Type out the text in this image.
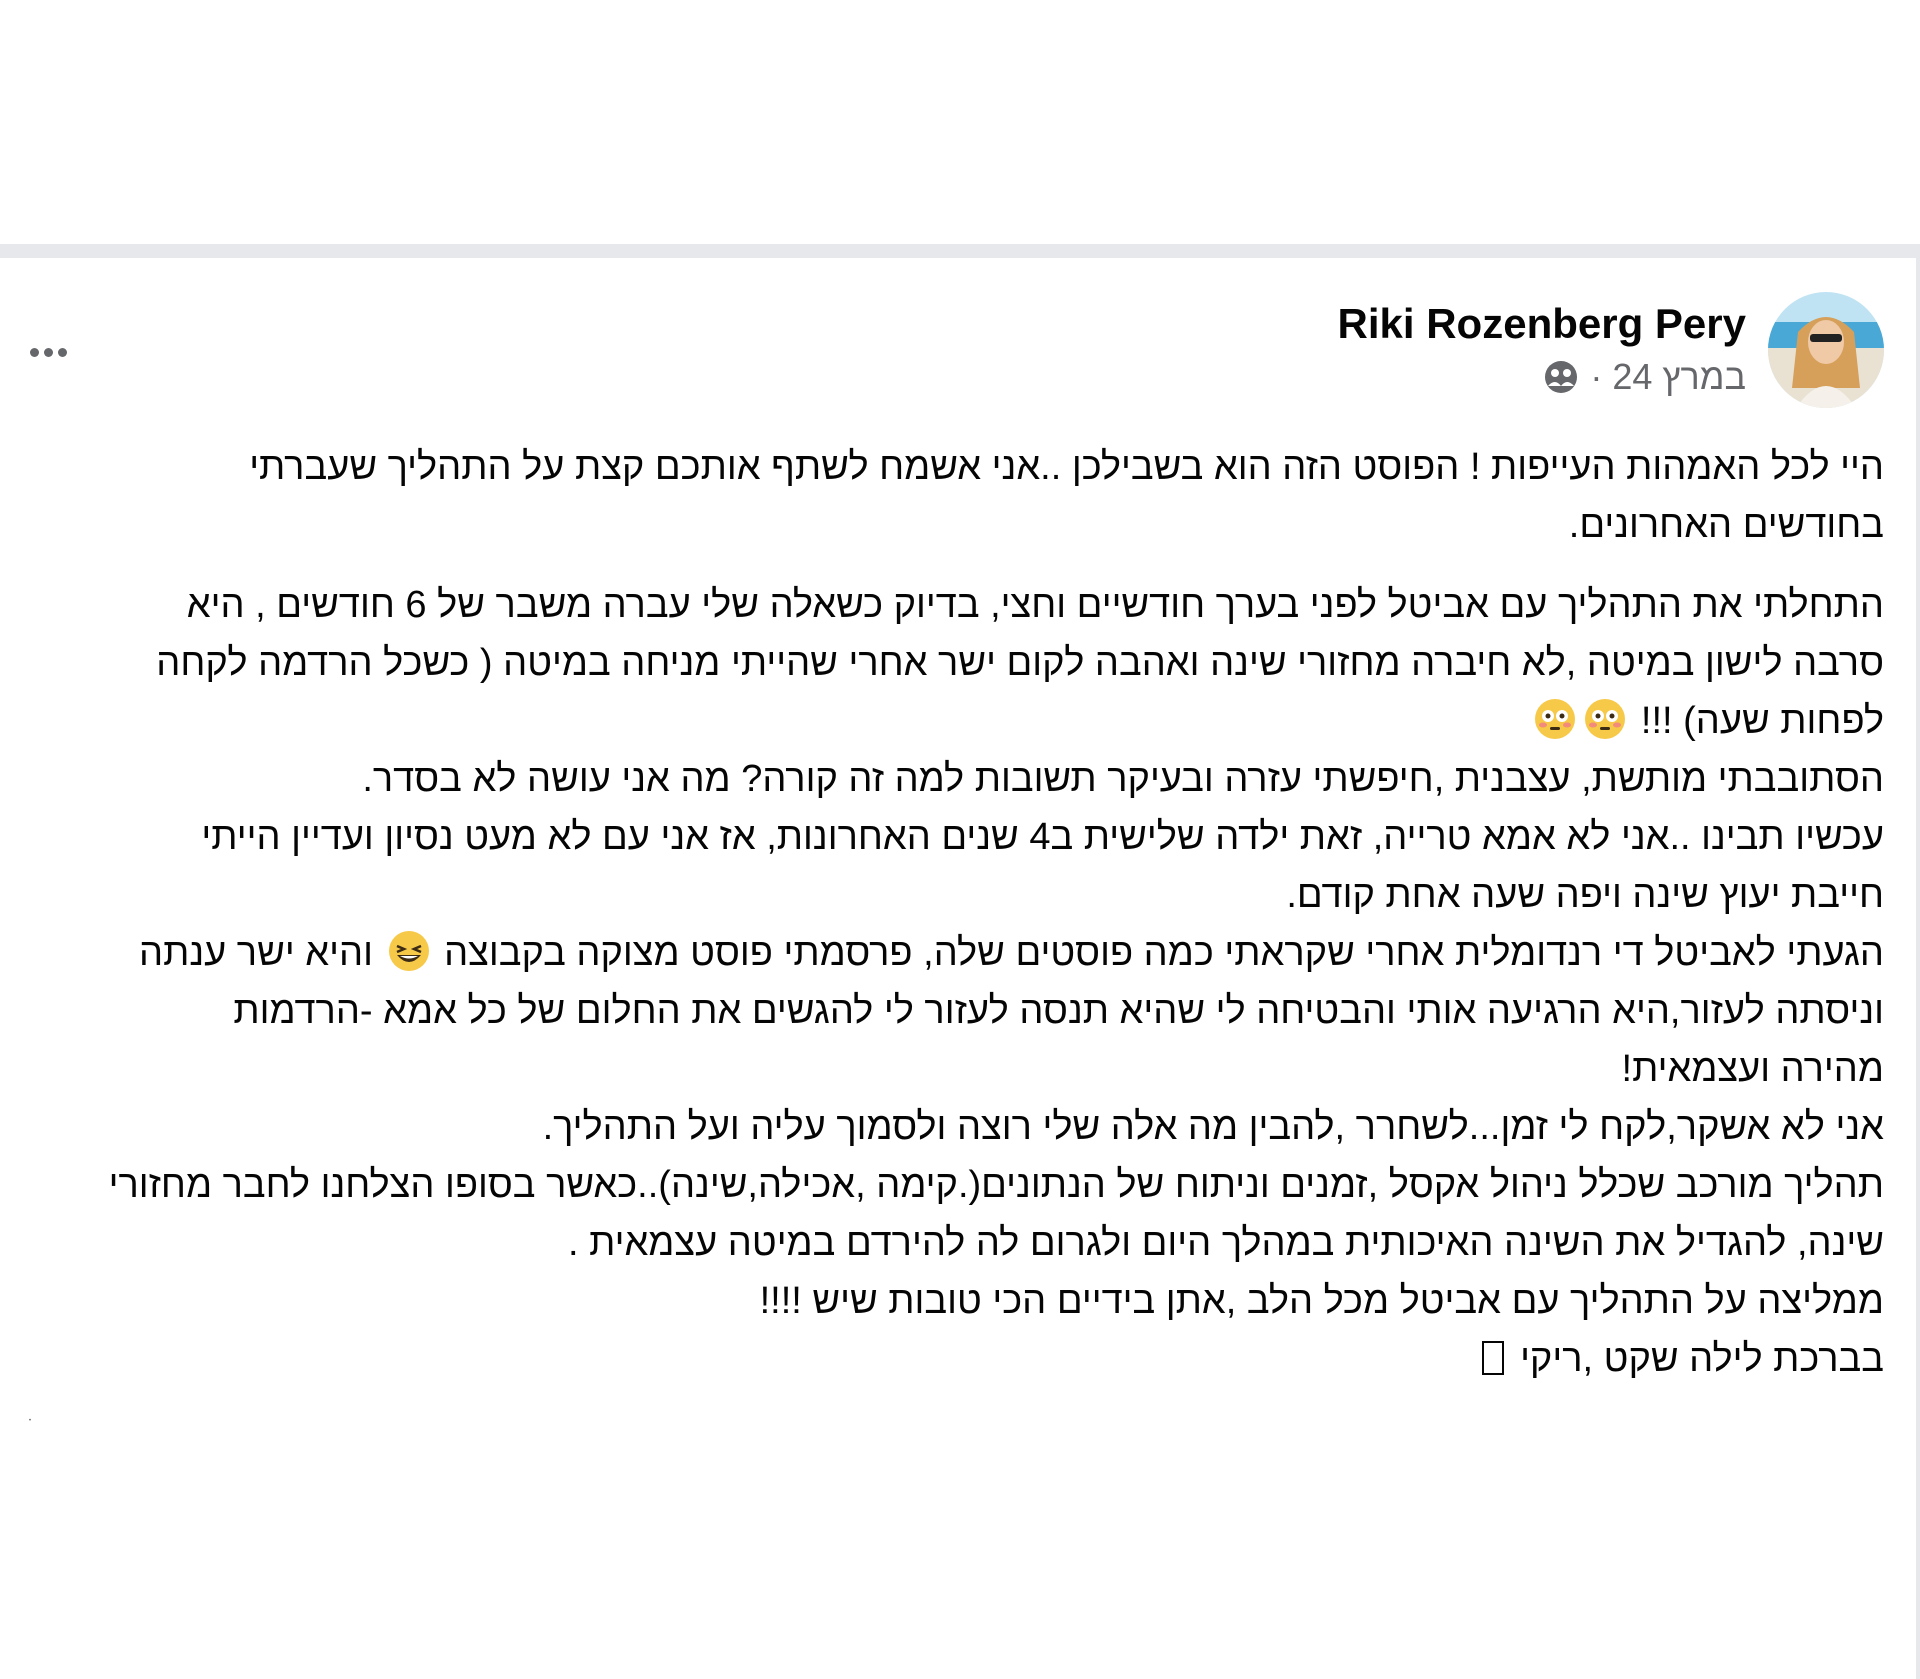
Riki Rozenberg Pery
24 במרץ
·

היי לכל האמהות העייפות ! הפוסט הזה הוא בשבילכן ..אני אשמח לשתף אותכם קצת על התהליך שעברתי

בחודשים האחרונים.

התחלתי את התהליך עם אביטל לפני בערך חודשיים וחצי, בדיוק כשאלה שלי עברה משבר של 6 חודשים , היא

סרבה לישון במיטה ,לא חיברה מחזורי שינה ואהבה לקום ישר אחרי שהייתי מניחה במיטה ( כשכל הרדמה לקחה

לפחות שעה) !!!

הסתובבתי מותשת, עצבנית ,חיפשתי עזרה ובעיקר תשובות למה זה קורה? מה אני עושה לא בסדר.

עכשיו תבינו ..אני לא אמא טרייה, זאת ילדה שלישית ב4 שנים האחרונות, אז אני עם לא מעט נסיון ועדיין הייתי

חייבת יעוץ שינה ויפה שעה אחת קודם.

הגעתי לאביטל די רנדומלית אחרי שקראתי כמה פוסטים שלה, פרסמתי פוסט מצוקה בקבוצה
והיא ישר ענתה

וניסתה לעזור,היא הרגיעה אותי והבטיחה לי שהיא תנסה לעזור לי להגשים את החלום של כל אמא -הרדמות

מהירה ועצמאית!

אני לא אשקר,לקח לי זמן...לשחרר ,להבין מה אלה שלי רוצה ולסמוך עליה ועל התהליך.

תהליך מורכב שכלל ניהול אקסל ,זמנים וניתוח של הנתונים(.קימה ,אכילה,שינה)..כאשר בסופו הצלחנו לחבר מחזורי

שינה, להגדיל את השינה האיכותית במהלך היום ולגרום לה להירדם במיטה עצמאית .

ממליצה על התהליך עם אביטל מכל הלב ,אתן בידיים הכי טובות שיש !!!!

בברכת לילה שקט ,ריקי
